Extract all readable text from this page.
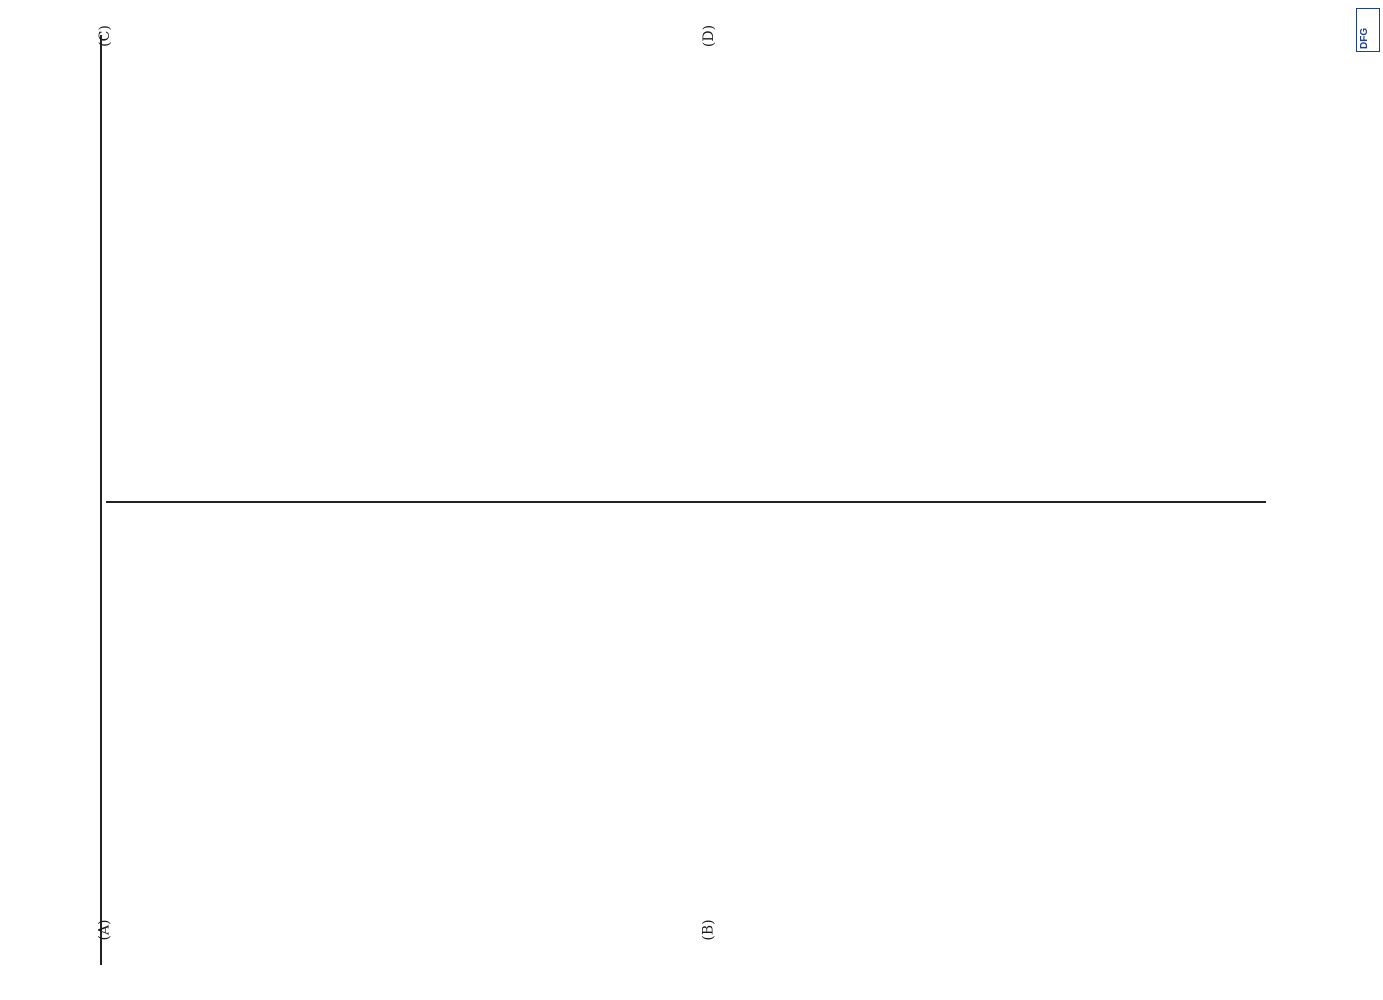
(A)	(B)
(C)	(D)	DFG
